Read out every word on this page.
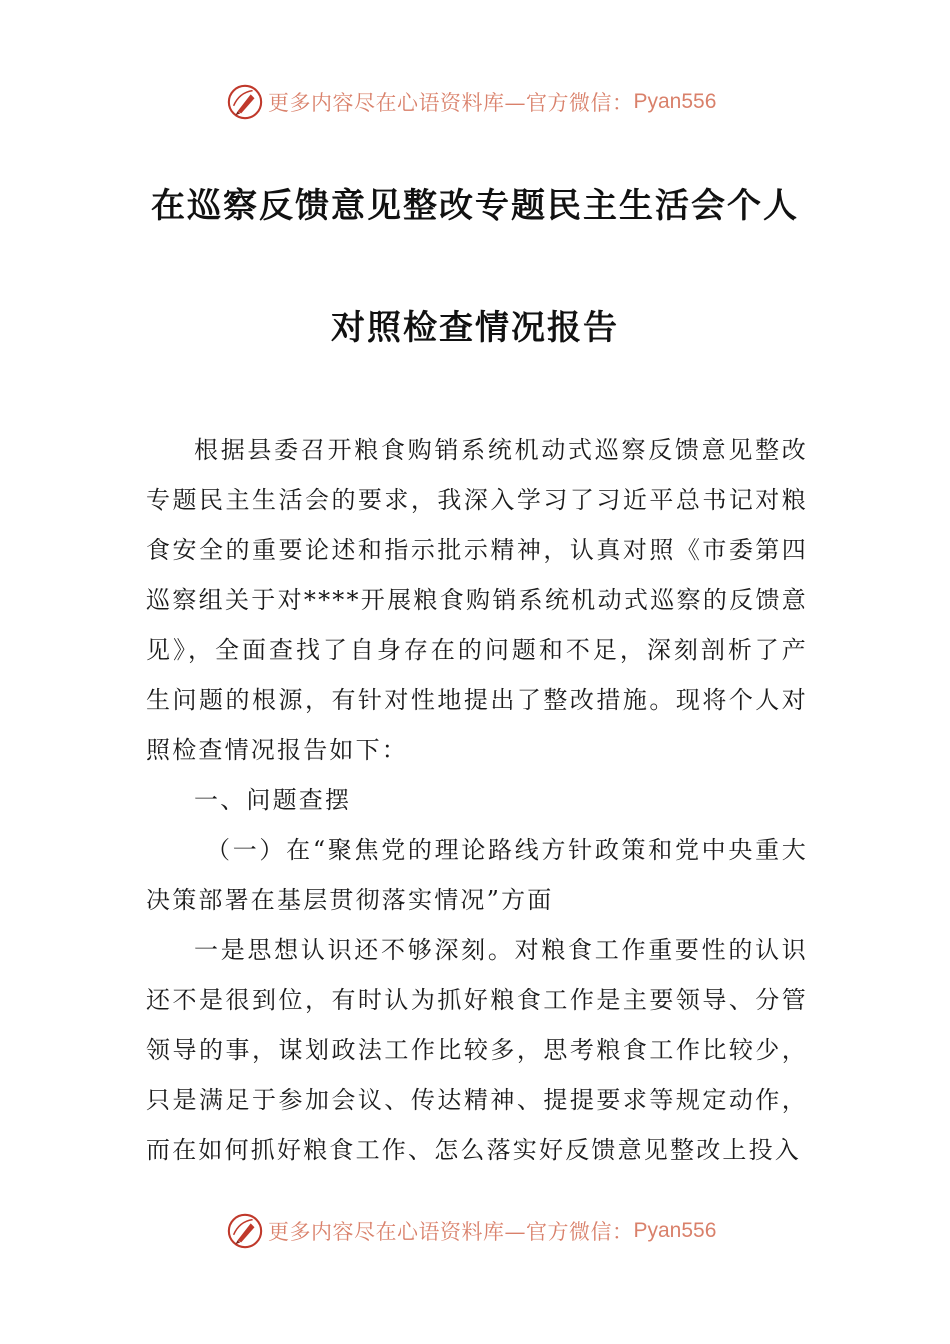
更多内容尽在心语资料库—官方微信： Pyan556
在巡察反馈意见整改专题民主生活会个人
对照检查情况报告

根据县委召开粮食购销系统机动式巡察反馈意见整改专题民主生活会的要求，我深入学习了习近平总书记对粮食安全的重要论述和指示批示精神，认真对照《市委第四巡察组关于对****开展粮食购销系统机动式巡察的反馈意见》，全面查找了自身存在的问题和不足，深刻剖析了产生问题的根源，有针对性地提出了整改措施。现将个人对照检查情况报告如下：

一、问题查摆

（一）在“聚焦党的理论路线方针政策和党中央重大决策部署在基层贯彻落实情况”方面

一是思想认识还不够深刻。对粮食工作重要性的认识还不是很到位，有时认为抓好粮食工作是主要领导、分管领导的事，谋划政法工作比较多，思考粮食工作比较少，只是满足于参加会议、传达精神、提提要求等规定动作，而在如何抓好粮食工作、怎么落实好反馈意见整改上投入

更多内容尽在心语资料库—官方微信： Pyan556
